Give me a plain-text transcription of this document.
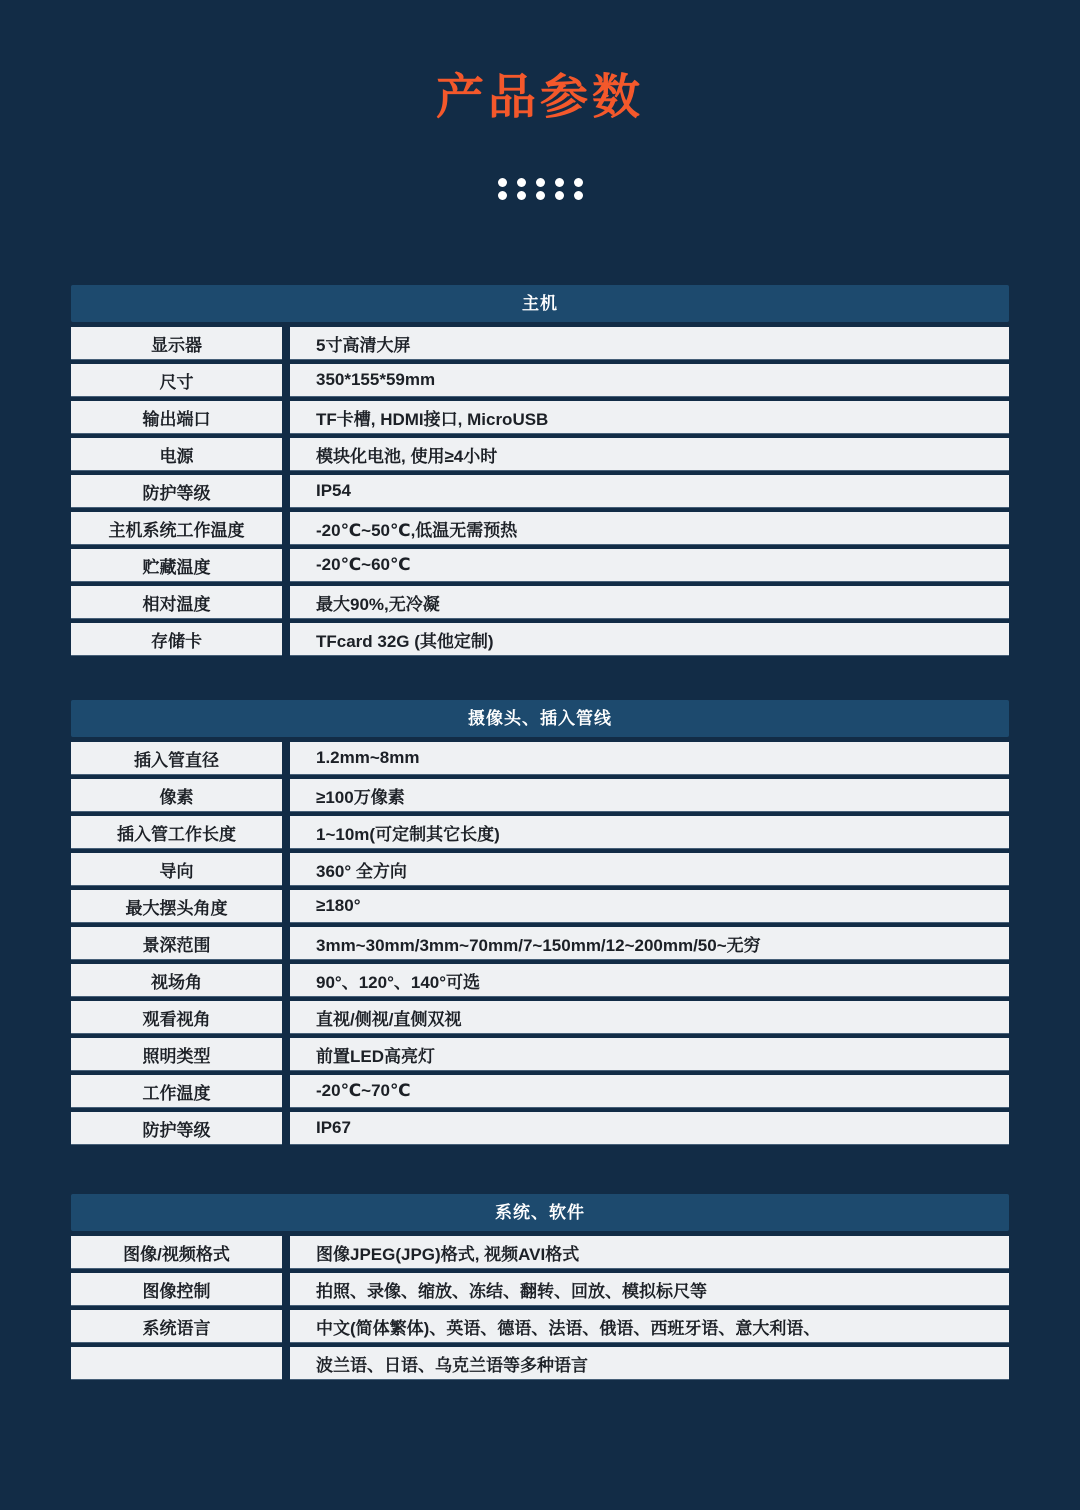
产品参数
主机
显示器	5寸高清大屏
尺寸	350*155*59mm
输出端口	TF卡槽, HDMI接口, MicroUSB
电源	模块化电池, 使用≥4小时
防护等级	IP54
主机系统工作温度	-20℃~50℃,低温无需预热
贮藏温度	-20℃~60℃
相对温度	最大90%,无冷凝
存储卡	TFcard 32G (其他定制)
摄像头、插入管线
插入管直径	1.2mm~8mm
像素	≥100万像素
插入管工作长度	1~10m(可定制其它长度)
导向	360° 全方向
最大摆头角度	≥180°
景深范围	3mm~30mm/3mm~70mm/7~150mm/12~200mm/50~无穷
视场角	90°、120°、140°可选
观看视角	直视/侧视/直侧双视
照明类型	前置LED高亮灯
工作温度	-20℃~70℃
防护等级	IP67
系统、软件
图像/视频格式	图像JPEG(JPG)格式, 视频AVI格式
图像控制	拍照、录像、缩放、冻结、翻转、回放、模拟标尺等
系统语言	中文(简体繁体)、英语、德语、法语、俄语、西班牙语、意大利语、
波兰语、日语、乌克兰语等多种语言
